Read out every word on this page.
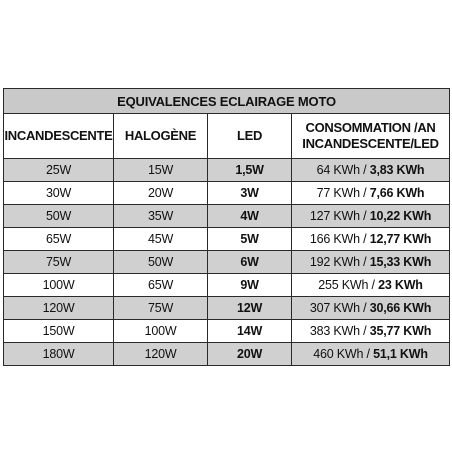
EQUIVALENCES ECLAIRAGE MOTO			
INCANDESCENTE	HALOGÈNE	LED	CONSOMMATION /AN INCANDESCENTE/LED
25W	15W	1,5W	64 KWh / 3,83 KWh
30W	20W	3W	77 KWh / 7,66 KWh
50W	35W	4W	127 KWh / 10,22 KWh
65W	45W	5W	166 KWh / 12,77 KWh
75W	50W	6W	192 KWh / 15,33 KWh
100W	65W	9W	255 KWh / 23 KWh
120W	75W	12W	307 KWh / 30,66 KWh
150W	100W	14W	383 KWh / 35,77 KWh
180W	120W	20W	460 KWh / 51,1 KWh
